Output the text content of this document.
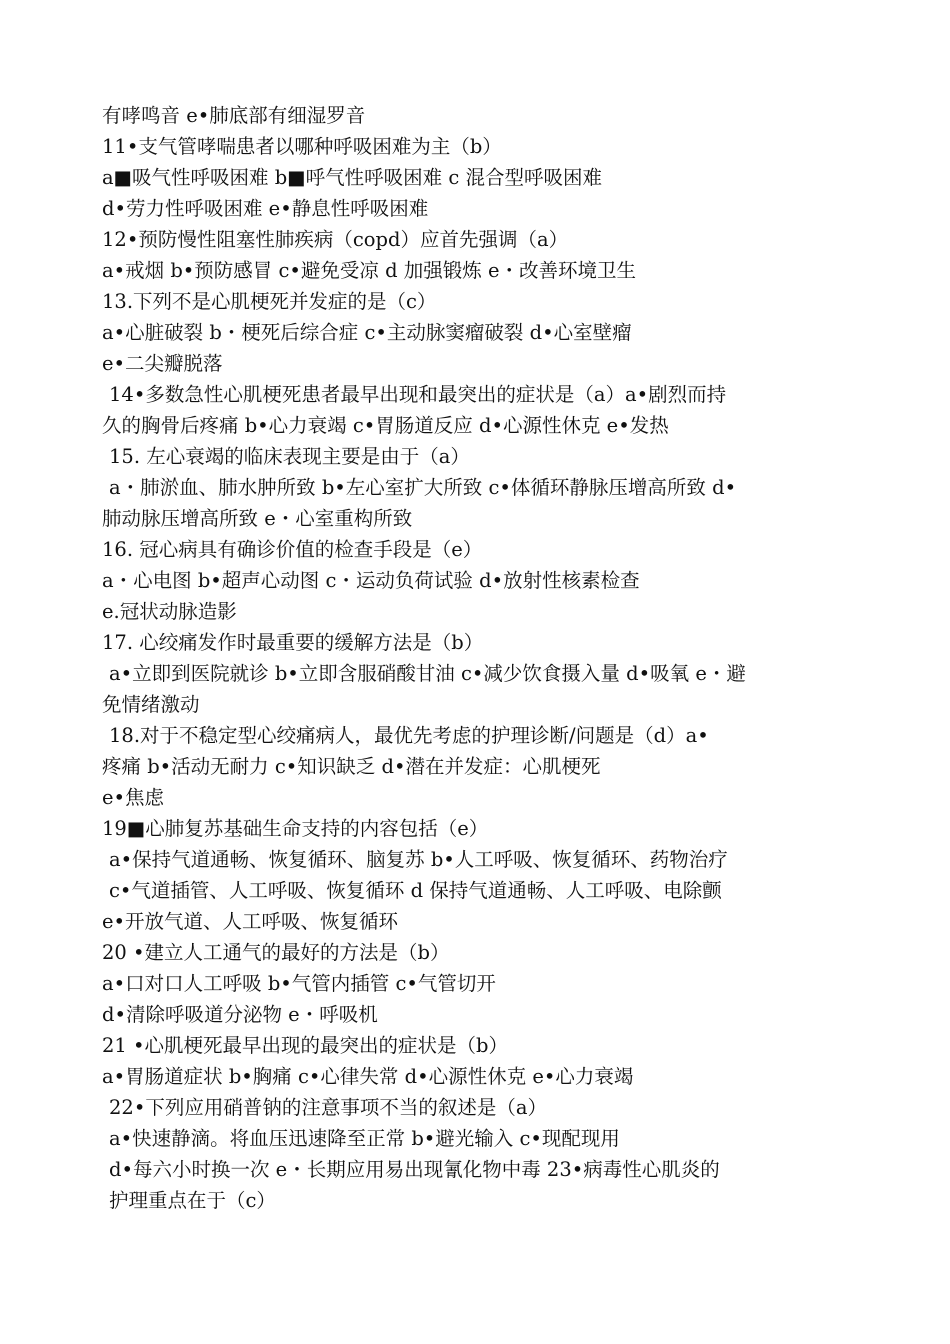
有哮鸣音 e•肺底部有细湿罗音
11•支气管哮喘患者以哪种呼吸困难为主（b）
a■吸气性呼吸困难 b■呼气性呼吸困难 c 混合型呼吸困难
d•劳力性呼吸困难 e•静息性呼吸困难
12•预防慢性阻塞性肺疾病（copd）应首先强调（a）
a•戒烟 b•预防感冒 c•避免受凉 d 加强锻炼 e・改善环境卫生
13.下列不是心肌梗死并发症的是（c）
a•心脏破裂 b・梗死后综合症 c•主动脉窦瘤破裂 d•心室壁瘤
e•二尖瓣脱落
14•多数急性心肌梗死患者最早出现和最突出的症状是（a）a•剧烈而持
久的胸骨后疼痛 b•心力衰竭 c•胃肠道反应 d•心源性休克 e•发热
15. 左心衰竭的临床表现主要是由于（a）
a・肺淤血、肺水肿所致 b•左心室扩大所致 c•体循环静脉压增高所致 d•
肺动脉压增高所致 e・心室重构所致
16. 冠心病具有确诊价值的检查手段是（e）
a・心电图 b•超声心动图 c・运动负荷试验 d•放射性核素检查
e.冠状动脉造影
17. 心绞痛发作时最重要的缓解方法是（b）
a•立即到医院就诊 b•立即含服硝酸甘油 c•减少饮食摄入量 d•吸氧 e・避
免情绪激动
18.对于不稳定型心绞痛病人，最优先考虑的护理诊断/问题是（d）a•
疼痛 b•活动无耐力 c•知识缺乏 d•潜在并发症：心肌梗死
e•焦虑
19■心肺复苏基础生命支持的内容包括（e）
a•保持气道通畅、恢复循环、脑复苏 b•人工呼吸、恢复循环、药物治疗
c•气道插管、人工呼吸、恢复循环 d 保持气道通畅、人工呼吸、电除颤
e•开放气道、人工呼吸、恢复循环
20 •建立人工通气的最好的方法是（b）
a•口对口人工呼吸 b•气管内插管 c•气管切开
d•清除呼吸道分泌物 e・呼吸机
21 •心肌梗死最早出现的最突出的症状是（b）
a•胃肠道症状 b•胸痛 c•心律失常 d•心源性休克 e•心力衰竭
22•下列应用硝普钠的注意事项不当的叙述是（a）
a•快速静滴。将血压迅速降至正常 b•避光输入 c•现配现用
d•每六小时换一次 e・长期应用易出现氰化物中毒 23•病毒性心肌炎的
护理重点在于（c）
